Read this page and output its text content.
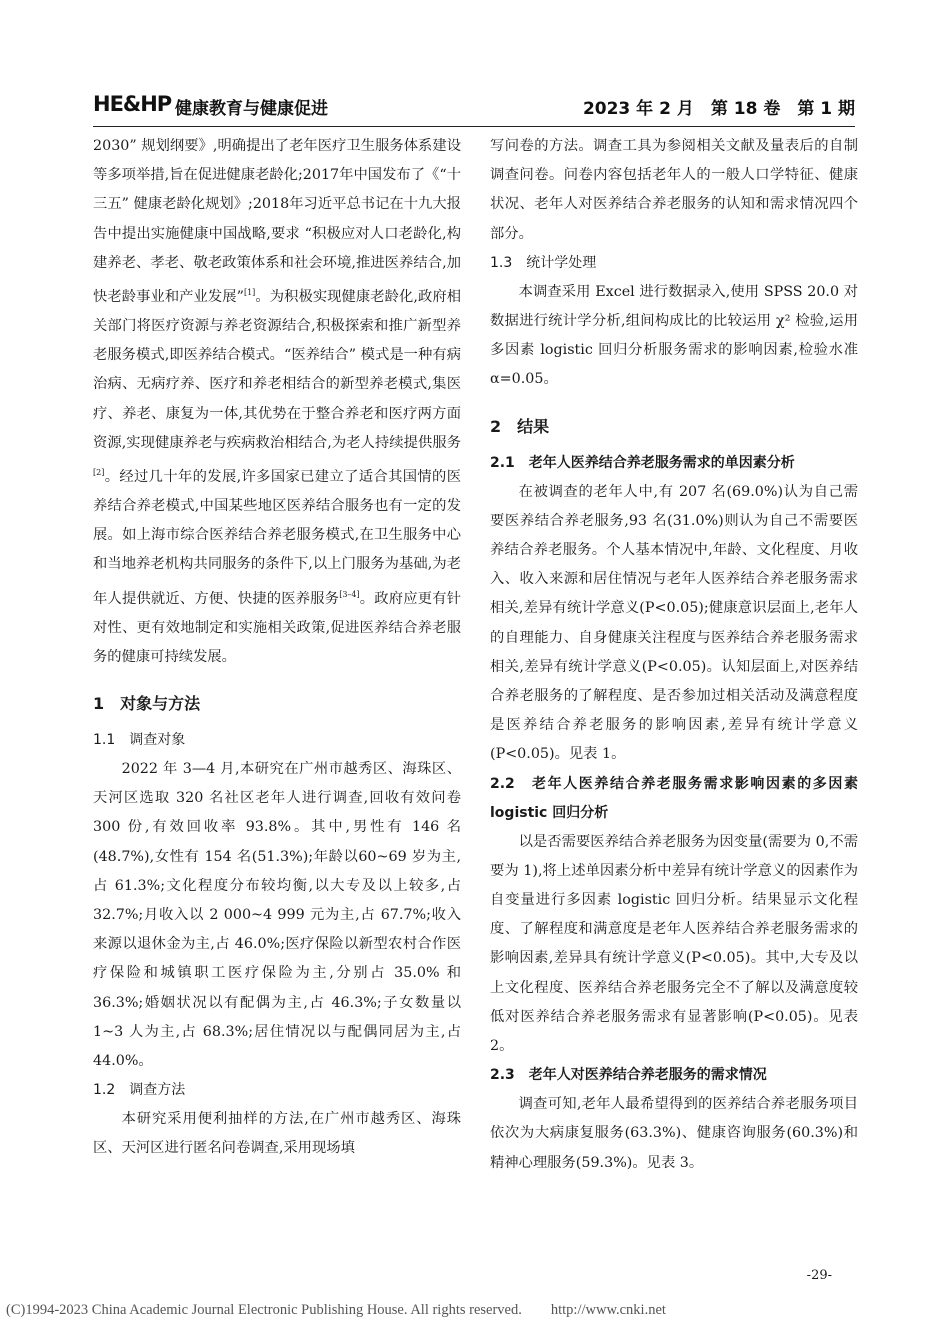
HE&HP 健康教育与健康促进	2023 年 2 月　第 18 卷　第 1 期

2030” 规划纲要》,明确提出了老年医疗卫生服务体系建设等多项举措,旨在促进健康老龄化;2017年中国发布了《“十三五” 健康老龄化规划》;2018年习近平总书记在十九大报告中提出实施健康中国战略,要求 “积极应对人口老龄化,构建养老、孝老、敬老政策体系和社会环境,推进医养结合,加快老龄事业和产业发展”[1]。为积极实现健康老龄化,政府相关部门将医疗资源与养老资源结合,积极探索和推广新型养老服务模式,即医养结合模式。“医养结合” 模式是一种有病治病、无病疗养、医疗和养老相结合的新型养老模式,集医疗、养老、康复为一体,其优势在于整合养老和医疗两方面资源,实现健康养老与疾病救治相结合,为老人持续提供服务[2]。经过几十年的发展,许多国家已建立了适合其国情的医养结合养老模式,中国某些地区医养结合服务也有一定的发展。如上海市综合医养结合养老服务模式,在卫生服务中心和当地养老机构共同服务的条件下,以上门服务为基础,为老年人提供就近、方便、快捷的医养服务[3–4]。政府应更有针对性、更有效地制定和实施相关政策,促进医养结合养老服务的健康可持续发展。

1　对象与方法
1.1　调查对象

2022 年 3—4 月,本研究在广州市越秀区、海珠区、天河区选取 320 名社区老年人进行调查,回收有效问卷 300 份,有效回收率 93.8%。其中,男性有 146 名(48.7%),女性有 154 名(51.3%);年龄以60~69 岁为主,占 61.3%;文化程度分布较均衡,以大专及以上较多,占 32.7%;月收入以 2 000~4 999 元为主,占 67.7%;收入来源以退休金为主,占 46.0%;医疗保险以新型农村合作医疗保险和城镇职工医疗保险为主,分别占 35.0% 和 36.3%;婚姻状况以有配偶为主,占 46.3%;子女数量以 1~3 人为主,占 68.3%;居住情况以与配偶同居为主,占 44.0%。

1.2　调查方法

本研究采用便利抽样的方法,在广州市越秀区、海珠区、天河区进行匿名问卷调查,采用现场填

写问卷的方法。调查工具为参阅相关文献及量表后的自制调查问卷。问卷内容包括老年人的一般人口学特征、健康状况、老年人对医养结合养老服务的认知和需求情况四个部分。

1.3　统计学处理

本调查采用 Excel 进行数据录入,使用 SPSS 20.0 对数据进行统计学分析,组间构成比的比较运用 χ² 检验,运用多因素 logistic 回归分析服务需求的影响因素,检验水准 α=0.05。

2　结果
2.1　老年人医养结合养老服务需求的单因素分析

在被调查的老年人中,有 207 名(69.0%)认为自己需要医养结合养老服务,93 名(31.0%)则认为自己不需要医养结合养老服务。个人基本情况中,年龄、文化程度、月收入、收入来源和居住情况与老年人医养结合养老服务需求相关,差异有统计学意义(P<0.05);健康意识层面上,老年人的自理能力、自身健康关注程度与医养结合养老服务需求相关,差异有统计学意义(P<0.05)。认知层面上,对医养结合养老服务的了解程度、是否参加过相关活动及满意程度是医养结合养老服务的影响因素,差异有统计学意义(P<0.05)。见表 1。

2.2　老年人医养结合养老服务需求影响因素的多因素 logistic 回归分析

以是否需要医养结合养老服务为因变量(需要为 0,不需要为 1),将上述单因素分析中差异有统计学意义的因素作为自变量进行多因素 logistic 回归分析。结果显示文化程度、了解程度和满意度是老年人医养结合养老服务需求的影响因素,差异具有统计学意义(P<0.05)。其中,大专及以上文化程度、医养结合养老服务完全不了解以及满意度较低对医养结合养老服务需求有显著影响(P<0.05)。见表 2。

2.3　老年人对医养结合养老服务的需求情况

调查可知,老年人最希望得到的医养结合养老服务项目依次为大病康复服务(63.3%)、健康咨询服务(60.3%)和精神心理服务(59.3%)。见表 3。

-29-
(C)1994-2023 China Academic Journal Electronic Publishing House. All rights reserved.　　http://www.cnki.net
